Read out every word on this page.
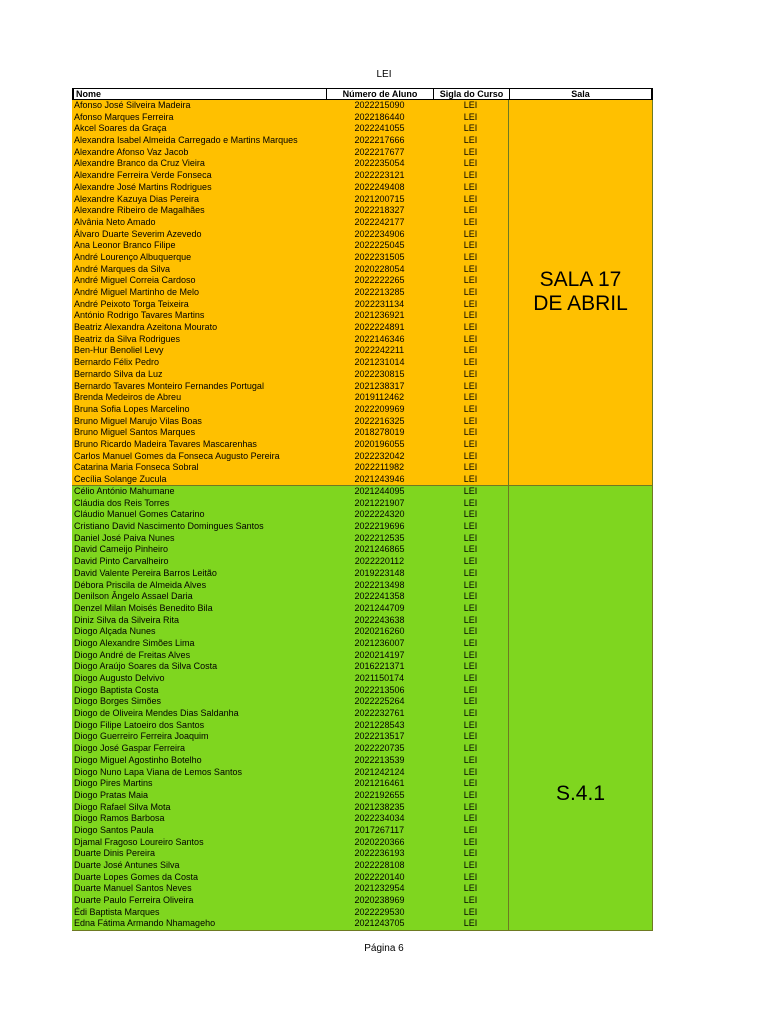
LEI
Nome	Número de Aluno	Sigla do Curso	Sala
Afonso José Silveira Madeira	2022215090	LEI
Afonso Marques Ferreira	2022186440	LEI
Akcel Soares da Graça	2022241055	LEI
Alexandra Isabel Almeida Carregado e Martins Marques	2022217666	LEI
Alexandre Afonso Vaz Jacob	2022217677	LEI
Alexandre Branco da Cruz Vieira	2022235054	LEI
Alexandre Ferreira Verde Fonseca	2022223121	LEI
Alexandre José Martins Rodrigues	2022249408	LEI
Alexandre Kazuya Dias Pereira	2021200715	LEI
Alexandre Ribeiro de Magalhães	2022218327	LEI
Alvânia Neto Amado	2022242177	LEI
Álvaro Duarte Severim Azevedo	2022234906	LEI
Ana Leonor Branco Filipe	2022225045	LEI
André Lourenço Albuquerque	2022231505	LEI
André Marques da Silva	2020228054	LEI
André Miguel Correia Cardoso	2022222265	LEI
André Miguel Martinho de Melo	2022213285	LEI
André Peixoto Torga Teixeira	2022231134	LEI
António Rodrigo Tavares Martins	2021236921	LEI
Beatriz Alexandra Azeitona Mourato	2022224891	LEI
Beatriz da Silva Rodrigues	2022146346	LEI
Ben-Hur Benoliel Levy	2022242211	LEI
Bernardo Félix Pedro	2021231014	LEI
Bernardo Silva da Luz	2022230815	LEI
Bernardo Tavares Monteiro Fernandes Portugal	2021238317	LEI
Brenda Medeiros de Abreu	2019112462	LEI
Bruna Sofia Lopes Marcelino	2022209969	LEI
Bruno Miguel Marujo Vilas Boas	2022216325	LEI
Bruno Miguel Santos Marques	2018278019	LEI
Bruno Ricardo Madeira Tavares Mascarenhas	2020196055	LEI
Carlos Manuel Gomes da Fonseca Augusto Pereira	2022232042	LEI
Catarina Maria Fonseca Sobral	2022211982	LEI
Cecília Solange Zucula	2021243946	LEI
SALA 17
DE ABRIL
Célio António Mahumane	2021244095	LEI
Cláudia dos Reis Torres	2021221907	LEI
Cláudio Manuel Gomes Catarino	2022224320	LEI
Cristiano David Nascimento Domingues Santos	2022219696	LEI
Daniel José Paiva Nunes	2022212535	LEI
David Cameijo Pinheiro	2021246865	LEI
David Pinto Carvalheiro	2022220112	LEI
David Valente Pereira Barros Leitão	2019223148	LEI
Débora Priscila de Almeida Alves	2022213498	LEI
Denilson Ângelo Assael Daria	2022241358	LEI
Denzel Milan Moisés Benedito Bila	2021244709	LEI
Diniz Silva da Silveira Rita	2022243638	LEI
Diogo Alçada Nunes	2020216260	LEI
Diogo Alexandre Simões Lima	2021236007	LEI
Diogo André de Freitas Alves	2020214197	LEI
Diogo Araújo Soares da Silva Costa	2016221371	LEI
Diogo Augusto Delvivo	2021150174	LEI
Diogo Baptista Costa	2022213506	LEI
Diogo Borges Simões	2022225264	LEI
Diogo de Oliveira Mendes Dias Saldanha	2022232761	LEI
Diogo Filipe Latoeiro dos Santos	2021228543	LEI
Diogo Guerreiro Ferreira Joaquim	2022213517	LEI
Diogo José Gaspar Ferreira	2022220735	LEI
Diogo Miguel Agostinho Botelho	2022213539	LEI
Diogo Nuno Lapa Viana de Lemos Santos	2021242124	LEI
Diogo Pires Martins	2021216461	LEI
Diogo Pratas Maia	2022192655	LEI
Diogo Rafael Silva Mota	2021238235	LEI
Diogo Ramos Barbosa	2022234034	LEI
Diogo Santos Paula	2017267117	LEI
Djamal Fragoso Loureiro Santos	2020220366	LEI
Duarte Dinis Pereira	2022236193	LEI
Duarte José Antunes Silva	2022228108	LEI
Duarte Lopes Gomes da Costa	2022220140	LEI
Duarte Manuel Santos Neves	2021232954	LEI
Duarte Paulo Ferreira Oliveira	2020238969	LEI
Édi Baptista Marques	2022229530	LEI
Edna Fátima Armando Nhamageho	2021243705	LEI
S.4.1
Página 6
